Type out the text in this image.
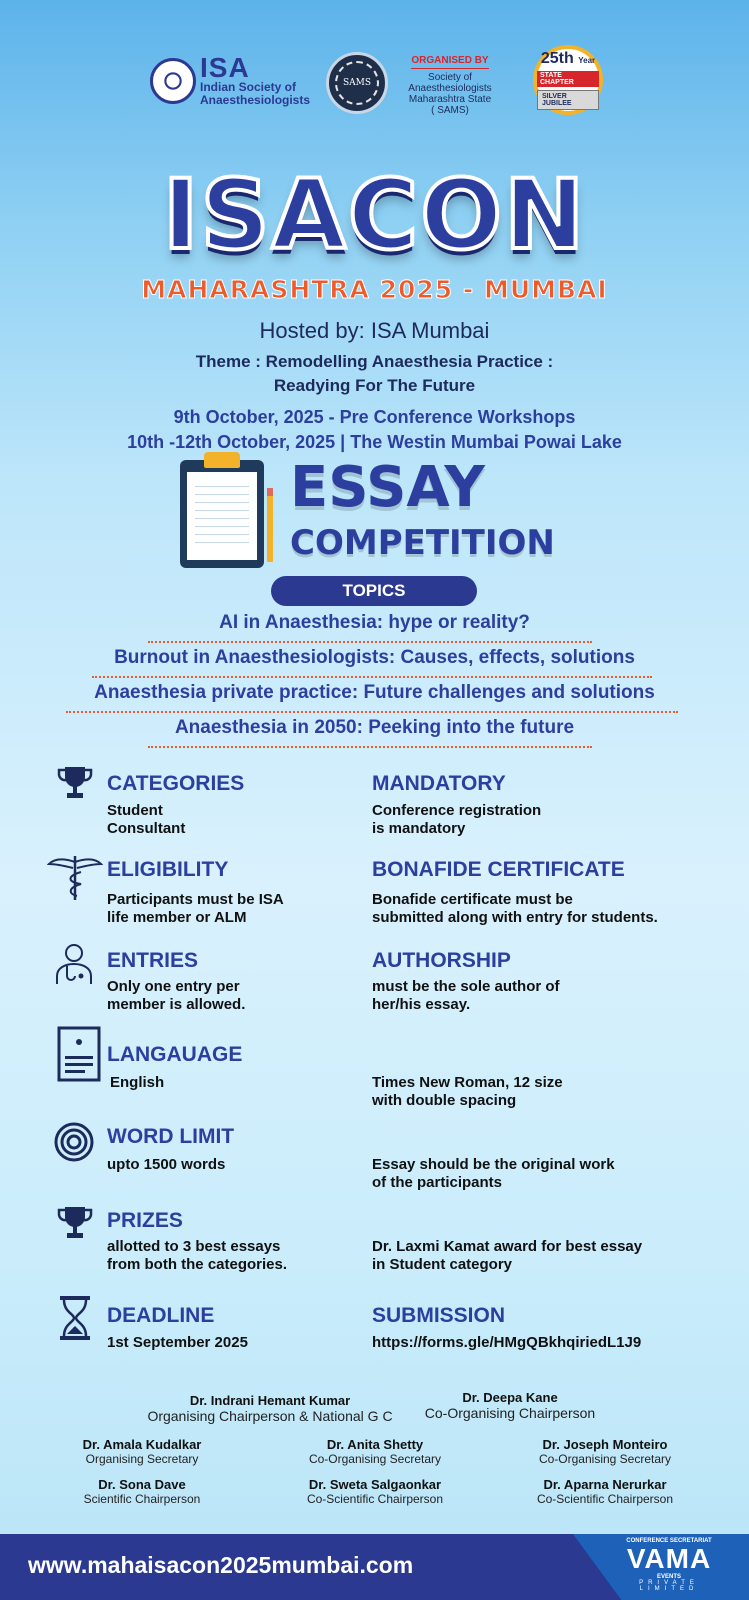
ISA
Indian Society of
Anaesthesiologists
SAMS
ORGANISED BY
Society of
Anaesthesiologists
Maharashtra State
( SAMS)
25th Year
STATE CHAPTER
SILVER JUBILEE
ISACON
MAHARASHTRA 2025 - MUMBAI
Hosted by: ISA Mumbai
Theme : Remodelling Anaesthesia Practice :
Readying For The Future
9th October, 2025 - Pre Conference Workshops
10th -12th October, 2025 | The Westin Mumbai Powai Lake
ESSAY
COMPETITION
TOPICS
AI in Anaesthesia: hype or reality?
Burnout in Anaesthesiologists: Causes, effects, solutions
Anaesthesia private practice: Future challenges and solutions
Anaesthesia in 2050: Peeking into the future
CATEGORIES
Student
Consultant
MANDATORY
Conference registration
is mandatory
ELIGIBILITY
Participants must be ISA
life member or ALM
BONAFIDE CERTIFICATE
Bonafide certificate must be
submitted along with entry for students.
ENTRIES
Only one entry per
member is allowed.
AUTHORSHIP
must be the sole author of
her/his essay.
LANGAUAGE
English	Times New Roman, 12 size
with double spacing
WORD LIMIT
upto 1500 words	Essay should be the original work
of the participants
PRIZES
allotted to 3 best essays
from both the categories.
Dr. Laxmi Kamat award for best essay
in Student category
DEADLINE
1st September 2025
SUBMISSION
https://forms.gle/HMgQBkhqiriedL1J9
Dr. Indrani Hemant Kumar
Organising Chairperson & National G C
Dr. Deepa Kane
Co-Organising Chairperson
Dr. Amala Kudalkar
Organising Secretary
Dr. Anita Shetty
Co-Organising Secretary
Dr. Joseph Monteiro
Co-Organising Secretary
Dr. Sona Dave
Scientific Chairperson
Dr. Sweta Salgaonkar
Co-Scientific Chairperson
Dr. Aparna Nerurkar
Co-Scientific Chairperson
www.mahaisacon2025mumbai.com
CONFERENCE SECRETARIAT
VAMA
EVENTS
PRIVATE LIMITED
